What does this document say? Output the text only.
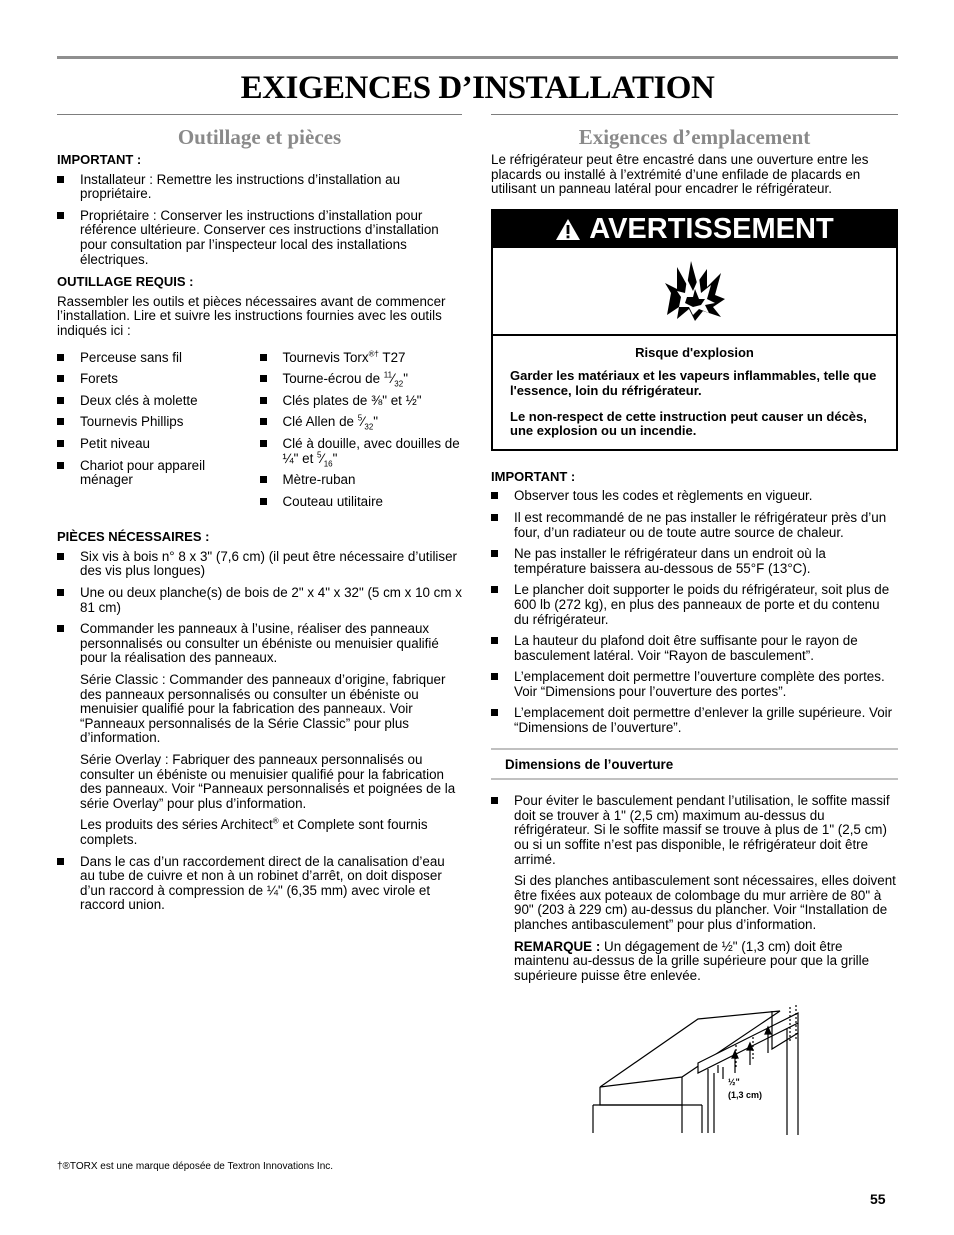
EXIGENCES D’INSTALLATION
Outillage et pièces
IMPORTANT :
Installateur : Remettre les instructions d’installation au propriétaire.
Propriétaire : Conserver les instructions d’installation pour référence ultérieure. Conserver ces instructions d’installation pour consultation par l’inspecteur local des installations électriques.
OUTILLAGE REQUIS :

Rassembler les outils et pièces nécessaires avant de commencer l’installation. Lire et suivre les instructions fournies avec les outils indiqués ici :

Perceuse sans fil
Forets
Deux clés à molette
Tournevis Phillips
Petit niveau
Chariot pour appareil ménager
Tournevis Torx®† T27
Tourne-écrou de $^{11}⁄_{32}$"
Clés plates de ⅜" et ½"
Clé Allen de $^5⁄_{32}$"
Clé à douille, avec douilles de ¼" et $^5⁄_{16}$"
Mètre-ruban
Couteau utilitaire
PIÈCES NÉCESSAIRES :
Six vis à bois n° 8 x 3" (7,6 cm) (il peut être nécessaire d’utiliser des vis plus longues)
Une ou deux planche(s) de bois de 2" x 4" x 32" (5 cm x 10 cm x 81 cm)

Commander les panneaux à l’usine, réaliser des panneaux personnalisés ou consulter un ébéniste ou menuisier qualifié pour la réalisation des panneaux.

Série Classic : Commander des panneaux d’origine, fabriquer des panneaux personnalisés ou consulter un ébéniste ou menuisier qualifié pour la fabrication des panneaux. Voir “Panneaux personnalisés de la Série Classic” pour plus d’information.

Série Overlay : Fabriquer des panneaux personnalisés ou consulter un ébéniste ou menuisier qualifié pour la fabrication des panneaux. Voir “Panneaux personnalisés et poignées de la série Overlay” pour plus d’information.

Les produits des séries Architect® et Complete sont fournis complets.

Dans le cas d’un raccordement direct de la canalisation d’eau au tube de cuivre et non à un robinet d’arrêt, on doit disposer d’un raccord à compression de ¼" (6,35 mm) avec virole et raccord union.
Exigences d’emplacement

Le réfrigérateur peut être encastré dans une ouverture entre les placards ou installé à l’extrémité d’une enfilade de placards en utilisant un panneau latéral pour encadrer le réfrigérateur.

AVERTISSEMENT

Risque d'explosion

Garder les matériaux et les vapeurs inflammables, telle que l'essence, loin du réfrigérateur.

Le non-respect de cette instruction peut causer un décès, une explosion ou un incendie.

IMPORTANT :
Observer tous les codes et règlements en vigueur.
Il est recommandé de ne pas installer le réfrigérateur près d’un four, d’un radiateur ou de toute autre source de chaleur.
Ne pas installer le réfrigérateur dans un endroit où la température baissera au-dessous de 55°F (13°C).
Le plancher doit supporter le poids du réfrigérateur, soit plus de 600 lb (272 kg), en plus des panneaux de porte et du contenu du réfrigérateur.
La hauteur du plafond doit être suffisante pour le rayon de basculement latéral. Voir “Rayon de basculement”.
L’emplacement doit permettre l’ouverture complète des portes. Voir “Dimensions pour l’ouverture des portes”.
L’emplacement doit permettre d’enlever la grille supérieure. Voir “Dimensions de l’ouverture”.
Dimensions de l’ouverture

Pour éviter le basculement pendant l’utilisation, le soffite massif doit se trouver à 1" (2,5 cm) maximum au-dessus du réfrigérateur. Si le soffite massif se trouve à plus de 1" (2,5 cm) ou si un soffite n’est pas disponible, le réfrigérateur doit être arrimé.

Si des planches antibasculement sont nécessaires, elles doivent être fixées aux poteaux de colombage du mur arrière de 80" à 90" (203 à 229 cm) au-dessus du plancher. Voir “Installation de planches antibasculement” pour plus d’information.

REMARQUE : Un dégagement de ½" (1,3 cm) doit être maintenu au-dessus de la grille supérieure pour que la grille supérieure puisse être enlevée.

½"
(1,3 cm)
†®TORX est une marque déposée de Textron Innovations Inc.
55
